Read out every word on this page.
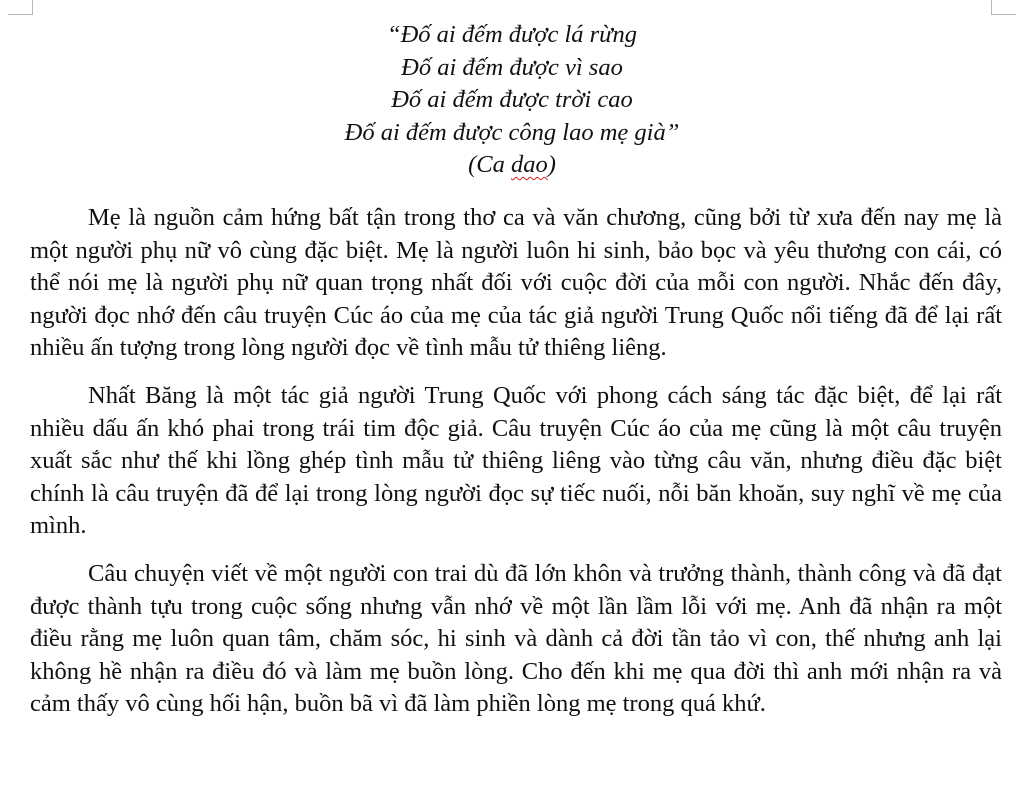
“Đố ai đếm được lá rừng
Đố ai đếm được vì sao
Đố ai đếm được trời cao
Đố ai đếm được công lao mẹ già”
(Ca dao)

Mẹ là nguồn cảm hứng bất tận trong thơ ca và văn chương, cũng bởi từ xưa đến nay mẹ là một người phụ nữ vô cùng đặc biệt. Mẹ là người luôn hi sinh, bảo bọc và yêu thương con cái, có thể nói mẹ là người phụ nữ quan trọng nhất đối với cuộc đời của mỗi con người. Nhắc đến đây, người đọc nhớ đến câu truyện Cúc áo của mẹ của tác giả người Trung Quốc nổi tiếng đã để lại rất nhiều ấn tượng trong lòng người đọc về tình mẫu tử thiêng liêng.

Nhất Băng là một tác giả người Trung Quốc với phong cách sáng tác đặc biệt, để lại rất nhiều dấu ấn khó phai trong trái tim độc giả. Câu truyện Cúc áo của mẹ cũng là một câu truyện xuất sắc như thế khi lồng ghép tình mẫu tử thiêng liêng vào từng câu văn, nhưng điều đặc biệt chính là câu truyện đã để lại trong lòng người đọc sự tiếc nuối, nỗi băn khoăn, suy nghĩ về mẹ của mình.

Câu chuyện viết về một người con trai dù đã lớn khôn và trưởng thành, thành công và đã đạt được thành tựu trong cuộc sống nhưng vẫn nhớ về một lần lầm lỗi với mẹ. Anh đã nhận ra một điều rằng mẹ luôn quan tâm, chăm sóc, hi sinh và dành cả đời tần tảo vì con, thế nhưng anh lại không hề nhận ra điều đó và làm mẹ buồn lòng. Cho đến khi mẹ qua đời thì anh mới nhận ra và cảm thấy vô cùng hối hận, buồn bã vì đã làm phiền lòng mẹ trong quá khứ.
